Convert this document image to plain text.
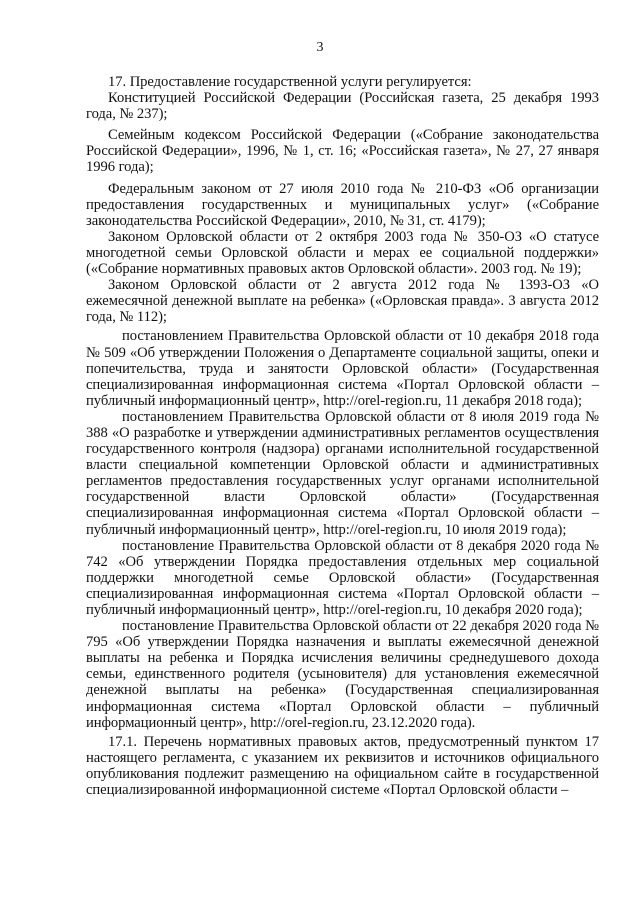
3

17. Предоставление государственной услуги регулируется:

Конституцией Российской Федерации (Российская газета, 25 декабря 1993 года, № 237);

Семейным кодексом Российской Федерации («Собрание законодательства Российской Федерации», 1996, № 1, ст. 16; «Российская газета», № 27, 27 января 1996 года);

Федеральным законом от 27 июля 2010 года № 210-ФЗ «Об организации предоставления государственных и муниципальных услуг» («Собрание законодательства Российской Федерации», 2010, № 31, ст. 4179);

Законом Орловской области от 2 октября 2003 года № 350-ОЗ «О статусе многодетной семьи Орловской области и мерах ее социальной поддержки» («Собрание нормативных правовых актов Орловской области». 2003 год. № 19);

Законом Орловской области от 2 августа 2012 года № 1393-ОЗ «О ежемесячной денежной выплате на ребенка» («Орловская правда». 3 августа 2012 года, № 112);

постановлением Правительства Орловской области от 10 декабря 2018 года № 509 «Об утверждении Положения о Департаменте социальной защиты, опеки и попечительства, труда и занятости Орловской области» (Государственная специализированная информационная система «Портал Орловской области – публичный информационный центр», http://orel-region.ru, 11 декабря 2018 года);

постановлением Правительства Орловской области от 8 июля 2019 года № 388 «О разработке и утверждении административных регламентов осуществления государственного контроля (надзора) органами исполнительной государственной власти специальной компетенции Орловской области и административных регламентов предоставления государственных услуг органами исполнительной государственной власти Орловской области» (Государственная специализированная информационная система «Портал Орловской области – публичный информационный центр», http://orel-region.ru, 10 июля 2019 года);

постановление Правительства Орловской области от 8 декабря 2020 года № 742 «Об утверждении Порядка предоставления отдельных мер социальной поддержки многодетной семье Орловской области» (Государственная специализированная информационная система «Портал Орловской области – публичный информационный центр», http://orel-region.ru, 10 декабря 2020 года);

постановление Правительства Орловской области от 22 декабря 2020 года № 795 «Об утверждении Порядка назначения и выплаты ежемесячной денежной выплаты на ребенка и Порядка исчисления величины среднедушевого дохода семьи, единственного родителя (усыновителя) для установления ежемесячной денежной выплаты на ребенка» (Государственная специализированная информационная система «Портал Орловской области – публичный информационный центр», http://orel-region.ru, 23.12.2020 года).

17.1. Перечень нормативных правовых актов, предусмотренный пунктом 17 настоящего регламента, с указанием их реквизитов и источников официального опубликования подлежит размещению на официальном сайте в государственной специализированной информационной системе «Портал Орловской области –
